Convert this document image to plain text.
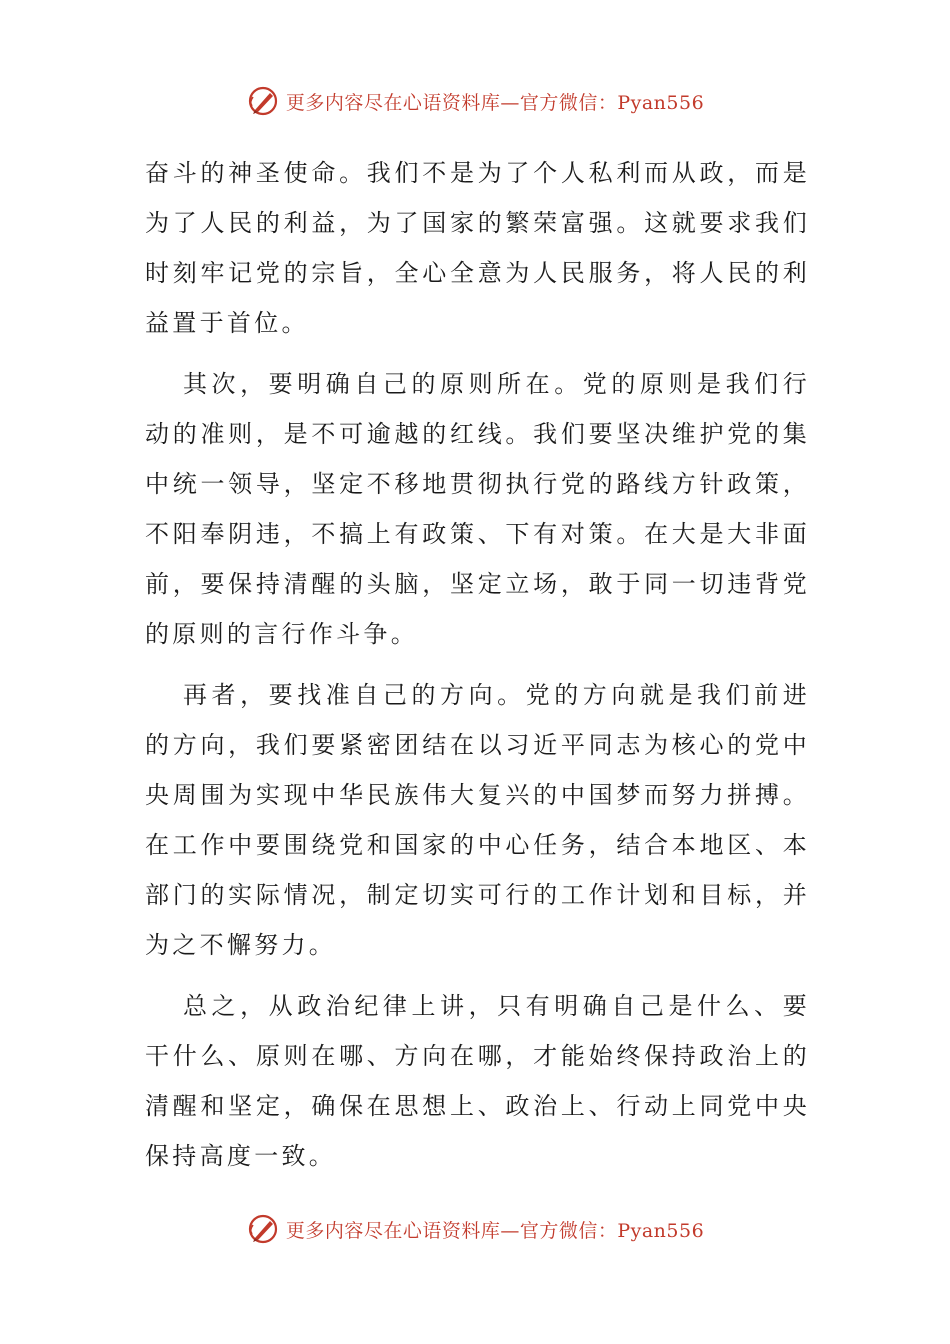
更多内容尽在心语资料库—官方微信：Pyan556

奋斗的神圣使命。我们不是为了个人私利而从政，而是为了人民的利益，为了国家的繁荣富强。这就要求我们时刻牢记党的宗旨，全心全意为人民服务，将人民的利益置于首位。

其次，要明确自己的原则所在。党的原则是我们行动的准则，是不可逾越的红线。我们要坚决维护党的集中统一领导，坚定不移地贯彻执行党的路线方针政策，不阳奉阴违，不搞上有政策、下有对策。在大是大非面前，要保持清醒的头脑，坚定立场，敢于同一切违背党的原则的言行作斗争。

再者，要找准自己的方向。党的方向就是我们前进的方向，我们要紧密团结在以习近平同志为核心的党中央周围为实现中华民族伟大复兴的中国梦而努力拼搏。在工作中要围绕党和国家的中心任务，结合本地区、本部门的实际情况，制定切实可行的工作计划和目标，并为之不懈努力。

总之，从政治纪律上讲，只有明确自己是什么、要干什么、原则在哪、方向在哪，才能始终保持政治上的清醒和坚定，确保在思想上、政治上、行动上同党中央保持高度一致。

更多内容尽在心语资料库—官方微信：Pyan556
